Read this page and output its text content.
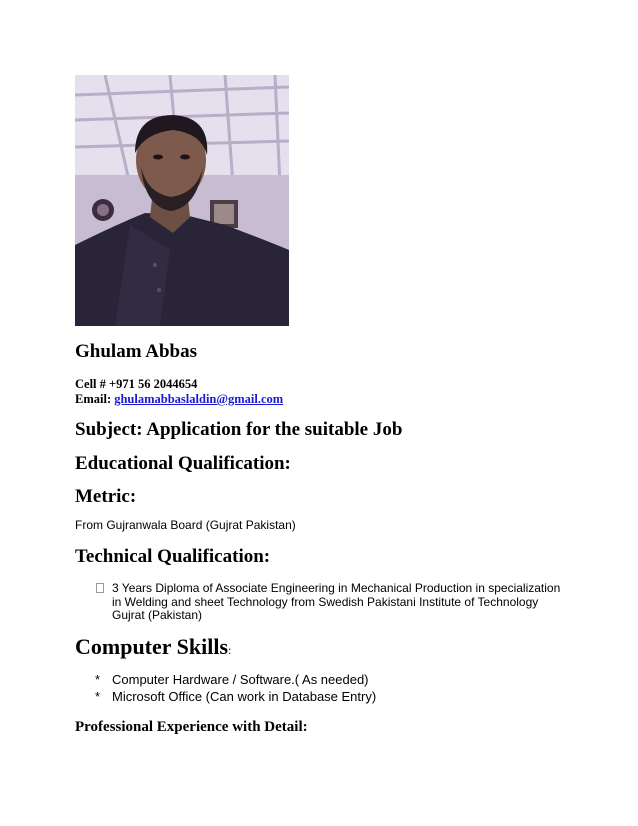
Ghulam Abbas
Cell # +971 56 2044654
Email: ghulamabbaslaldin@gmail.com
Subject: Application for the suitable Job
Educational Qualification:
Metric:
From Gujranwala Board (Gujrat Pakistan)
Technical Qualification:
3 Years Diploma of Associate Engineering in Mechanical Production in specialization in Welding and sheet Technology from Swedish Pakistani Institute of Technology Gujrat (Pakistan)
Computer Skills:
* Computer Hardware / Software.( As needed)
* Microsoft Office (Can work in Database Entry)
Professional Experience with Detail:
